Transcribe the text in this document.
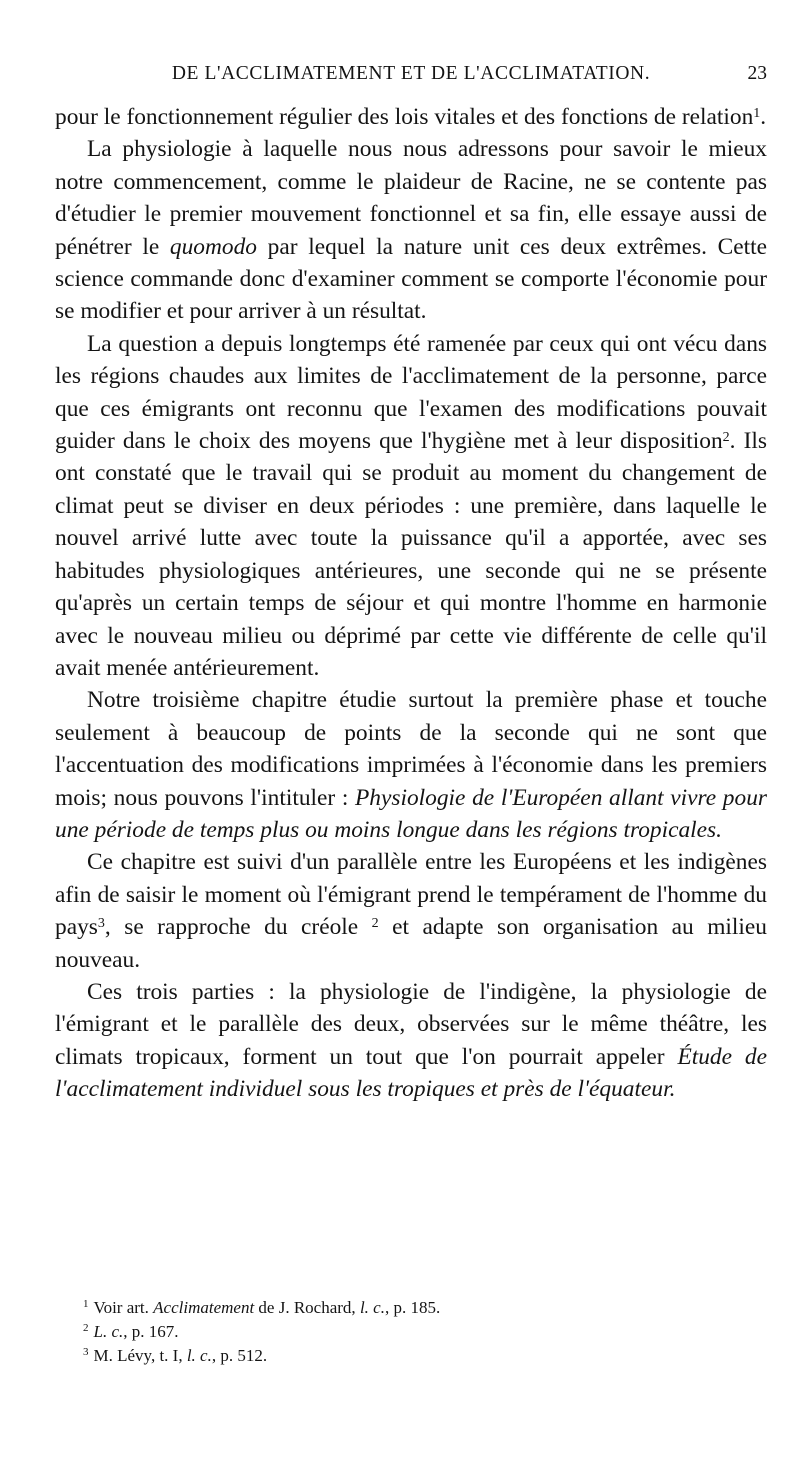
DE L'ACCLIMATEMENT ET DE L'ACCLIMATATION.	23

pour le fonctionnement régulier des lois vitales et des fonctions de relation$^1$.

La physiologie à laquelle nous nous adressons pour savoir le mieux notre commencement, comme le plaideur de Racine, ne se contente pas d'étudier le premier mouvement fonctionnel et sa fin, elle essaye aussi de pénétrer le quomodo par lequel la nature unit ces deux extrêmes. Cette science commande donc d'examiner comment se comporte l'économie pour se modifier et pour arriver à un résultat.

La question a depuis longtemps été ramenée par ceux qui ont vécu dans les régions chaudes aux limites de l'acclimatement de la personne, parce que ces émigrants ont reconnu que l'examen des modifications pouvait guider dans le choix des moyens que l'hygiène met à leur disposition$^2$. Ils ont constaté que le travail qui se produit au moment du changement de climat peut se diviser en deux périodes : une première, dans laquelle le nouvel arrivé lutte avec toute la puissance qu'il a apportée, avec ses habitudes physiologiques antérieures, une seconde qui ne se présente qu'après un certain temps de séjour et qui montre l'homme en harmonie avec le nouveau milieu ou déprimé par cette vie différente de celle qu'il avait menée antérieurement.

Notre troisième chapitre étudie surtout la première phase et touche seulement à beaucoup de points de la seconde qui ne sont que l'accentuation des modifications imprimées à l'économie dans les premiers mois; nous pouvons l'intituler : Physiologie de l'Européen allant vivre pour une période de temps plus ou moins longue dans les régions tropicales.

Ce chapitre est suivi d'un parallèle entre les Européens et les indigènes afin de saisir le moment où l'émigrant prend le tempérament de l'homme du pays$^3$, se rapproche du créole $^2$ et adapte son organisation au milieu nouveau.

Ces trois parties : la physiologie de l'indigène, la physiologie de l'émigrant et le parallèle des deux, observées sur le même théâtre, les climats tropicaux, forment un tout que l'on pourrait appeler Étude de l'acclimatement individuel sous les tropiques et près de l'équateur.

$^1$ Voir art. Acclimatement de J. Rochard, l. c., p. 185.

$^2$ L. c., p. 167.

$^3$ M. Lévy, t. I, l. c., p. 512.
